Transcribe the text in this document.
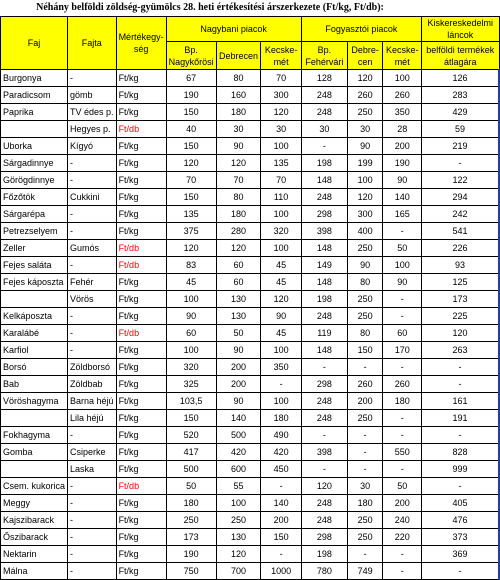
Néhány belföldi zöldség-gyümölcs 28. heti értékesítési árszerkezete (Ft/kg, Ft/db):
Faj	Fajta	Mértékegy-ség	Nagybani piacok			Fogyasztói piacok			Kiskereskedelmi láncok
			Bp. Nagykőrösi	Debrecen	Kecske-mét	Bp. Fehérvári	Debre-cen	Kecske-mét	belföldi termékek átlagára
Burgonya	-	Ft/kg	67	80	70	128	120	100	126
Paradicsom	gömb	Ft/kg	190	160	300	248	260	260	283
Paprika	TV édes p.	Ft/kg	150	180	120	248	250	350	429
	Hegyes p.	Ft/db	40	30	30	30	30	28	59
Uborka	Kígyó	Ft/kg	150	90	100	-	90	200	219
Sárgadinnye	-	Ft/kg	120	120	135	198	199	190	-
Görögdinnye	-	Ft/kg	70	70	70	148	100	90	122
Főzőtök	Cukkini	Ft/kg	150	80	110	248	120	140	294
Sárgarépa	-	Ft/kg	135	180	100	298	300	165	242
Petrezselyem	-	Ft/kg	375	280	320	398	400	-	541
Zeller	Gumós	Ft/db	120	120	100	148	250	50	226
Fejes saláta	-	Ft/db	83	60	45	149	90	100	93
Fejes káposzta	Fehér	Ft/kg	45	60	45	148	80	90	125
	Vörös	Ft/kg	100	130	120	198	250	-	173
Kelkáposzta	-	Ft/kg	90	130	90	248	250	-	225
Karalábé	-	Ft/db	60	50	45	119	80	60	120
Karfiol	-	Ft/kg	100	90	100	148	150	170	263
Borsó	Zöldborsó	Ft/kg	320	200	350	-	-	-	-
Bab	Zöldbab	Ft/kg	325	200	-	298	260	260	-
Vöröshagyma	Barna héjú	Ft/kg	103,5	90	100	248	200	180	161
	Lila héjú	Ft/kg	150	140	180	248	250	-	191
Fokhagyma	-	Ft/kg	520	500	490	-	-	-	-
Gomba	Csiperke	Ft/kg	417	420	420	398	-	550	828
	Laska	Ft/kg	500	600	450	-	-	-	999
Csem. kukorica	-	Ft/db	50	55	-	120	30	50	-
Meggy	-	Ft/kg	180	100	140	248	180	200	405
Kajszibarack	-	Ft/kg	250	250	200	248	250	240	476
Őszibarack	-	Ft/kg	173	130	150	298	250	220	373
Nektarin	-	Ft/kg	190	120	-	198	-	-	369
Málna	-	Ft/kg	750	700	1000	780	749	-	-
